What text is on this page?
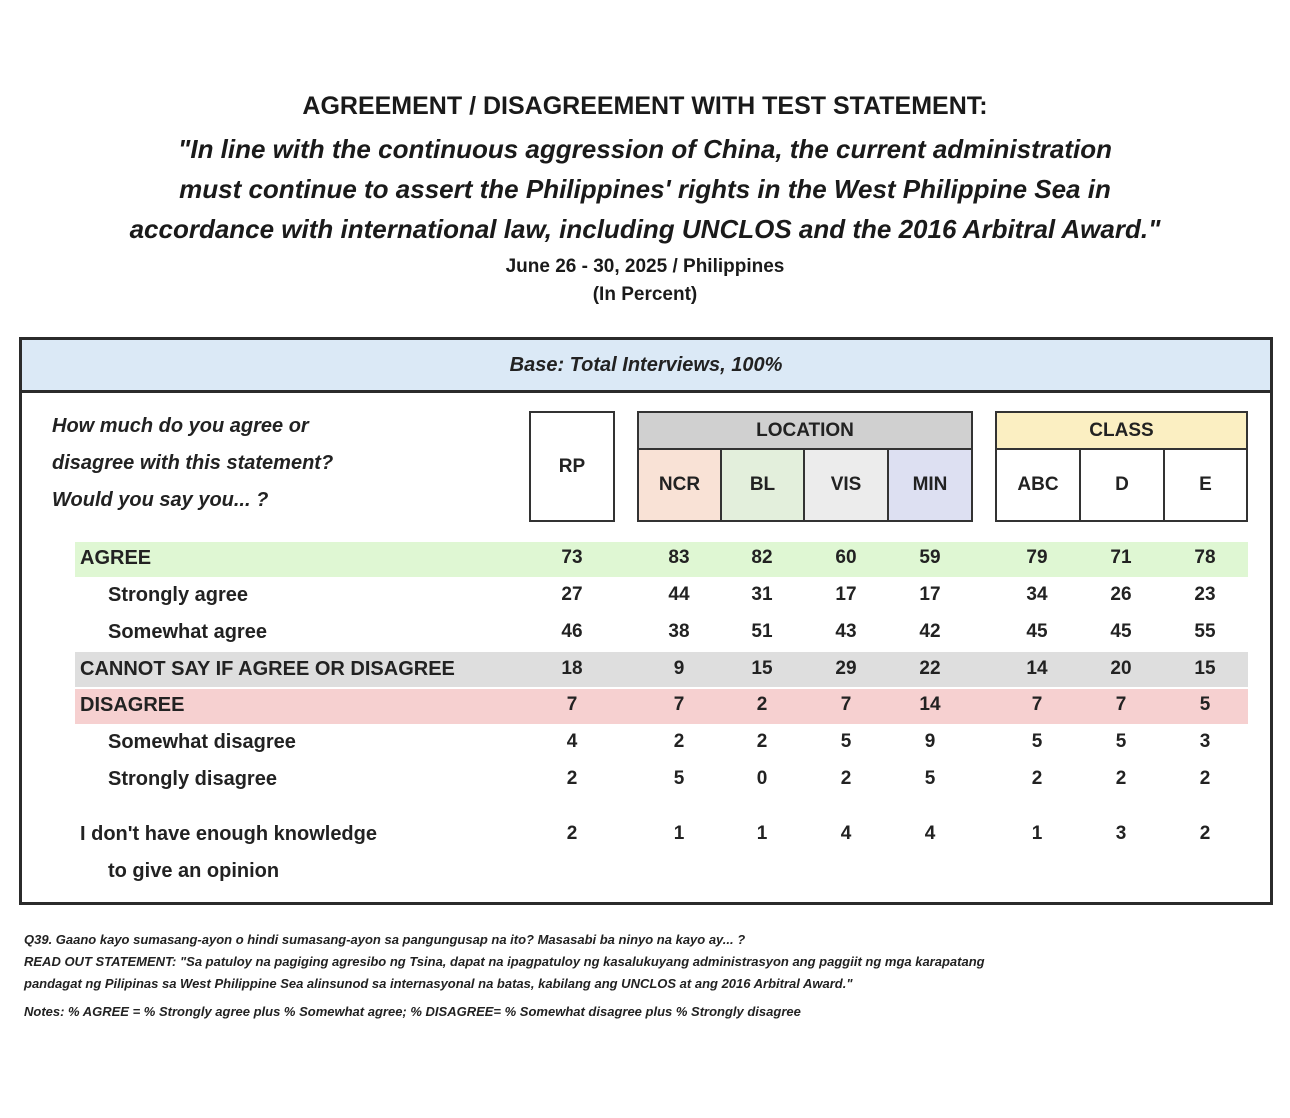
AGREEMENT / DISAGREEMENT WITH TEST STATEMENT:
"In line with the continuous aggression of China, the current administration
must continue to assert the Philippines' rights in the West Philippine Sea in
accordance with international law, including UNCLOS and the 2016 Arbitral Award."
June 26 - 30, 2025 / Philippines
(In Percent)
Base: Total Interviews, 100%
How much do you agree or
disagree with this statement?
Would you say you... ?
RP
LOCATION
NCR	BL	VIS	MIN
CLASS
ABC	D	E
AGREE	73	83	82	60	59	79	71	78
Strongly agree	27	44	31	17	17	34	26	23
Somewhat agree	46	38	51	43	42	45	45	55
CANNOT SAY IF AGREE OR DISAGREE	18	9	15	29	22	14	20	15
DISAGREE	7	7	2	7	14	7	7	5
Somewhat disagree	4	2	2	5	9	5	5	3
Strongly disagree	2	5	0	2	5	2	2	2
I don't have enough knowledge
to give an opinion
2	1	1	4	4	1	3	2
Q39. Gaano kayo sumasang-ayon o hindi sumasang-ayon sa pangungusap na ito? Masasabi ba ninyo na kayo ay... ?
READ OUT STATEMENT: "Sa patuloy na pagiging agresibo ng Tsina, dapat na ipagpatuloy ng kasalukuyang administrasyon ang paggiit ng mga karapatang
pandagat ng Pilipinas sa West Philippine Sea alinsunod sa internasyonal na batas, kabilang ang UNCLOS at ang 2016 Arbitral Award."
Notes: % AGREE = % Strongly agree plus % Somewhat agree; % DISAGREE= % Somewhat disagree plus % Strongly disagree
